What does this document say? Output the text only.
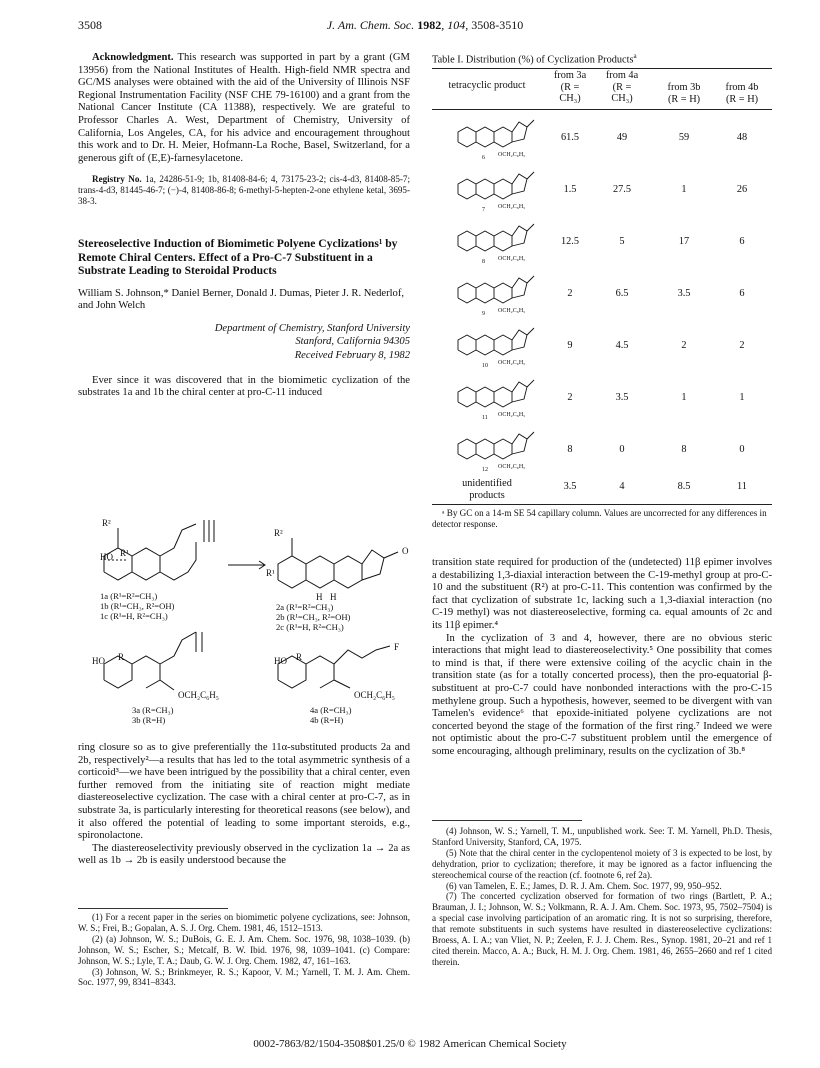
3508	J. Am. Chem. Soc. 1982, 104, 3508-3510

Acknowledgment. This research was supported in part by a grant (GM 13956) from the National Institutes of Health. High-field NMR spectra and GC/MS analyses were obtained with the aid of the University of Illinois NSF Regional Instrumentation Facility (NSF CHE 79-16100) and a grant from the National Cancer Institute (CA 11388), respectively. We are grateful to Professor Charles A. West, Department of Chemistry, University of California, Los Angeles, CA, for his advice and encouragement throughout this work and to Dr. H. Meier, Hofmann-La Roche, Basel, Switzerland, for a generous gift of (E,E)-farnesylacetone.

Registry No. 1a, 24286-51-9; 1b, 81408-84-6; 4, 73175-23-2; cis-4-d3, 81408-85-7; trans-4-d3, 81445-46-7; (−)-4, 81408-86-8; 6-methyl-5-hepten-2-one ethylene ketal, 3695-38-3.

Stereoselective Induction of Biomimetic Polyene Cyclizations¹ by Remote Chiral Centers. Effect of a Pro-C-7 Substituent in a Substrate Leading to Steroidal Products

William S. Johnson,* Daniel Berner, Donald J. Dumas, Pieter J. R. Nederlof, and John Welch

Department of Chemistry, Stanford University

Stanford, California 94305

Received February 8, 1982

Ever since it was discovered that in the biomimetic cyclization of the substrates 1a and 1b the chiral center at pro-C-11 induced

R²
HO R¹
R²
R¹
O
H H
HO R
OCH₂C₆H₅
HO R
OCH₂C₆H₅
F
1a (R¹=R²=CH₃)
1b (R¹=CH₃, R²=OH)
1c (R¹=H, R²=CH₃)
2a (R¹=R²=CH₃)
2b (R¹=CH₃, R²=OH)
2c (R¹=H, R²=CH₃)
3a (R=CH₃)
3b (R=H)
4a (R=CH₃)
4b (R=H)

ring closure so as to give preferentially the 11α-substituted products 2a and 2b, respectively²—a results that has led to the total asymmetric synthesis of a corticoid³—we have been intrigued by the possibility that a chiral center, even further removed from the initiating site of reaction might mediate diastereoselective cyclization. The case with a chiral center at pro-C-7, as in substrate 3a, is particularly interesting for theoretical reasons (see below), and it also offered the potential of leading to some important steroids, e.g., spironolactone.

The diastereoselectivity previously observed in the cyclization 1a → 2a as well as 1b → 2b is easily understood because the

(1) For a recent paper in the series on biomimetic polyene cyclizations, see: Johnson, W. S.; Frei, B.; Gopalan, A. S. J. Org. Chem. 1981, 46, 1512–1513.

(2) (a) Johnson, W. S.; DuBois, G. E. J. Am. Chem. Soc. 1976, 98, 1038–1039. (b) Johnson, W. S.; Escher, S.; Metcalf, B. W. Ibid. 1976, 98, 1039–1041. (c) Compare: Johnson, W. S.; Lyle, T. A.; Daub, G. W. J. Org. Chem. 1982, 47, 161–163.

(3) Johnson, W. S.; Brinkmeyer, R. S.; Kapoor, V. M.; Yarnell, T. M. J. Am. Chem. Soc. 1977, 99, 8341–8343.

Table I. Distribution (%) of Cyclization Products$^a$
tetracyclic product
from 3a
(R =
CH₃)
from 4a
(R =
CH₃)
from 3b
(R = H)
from 4b
(R = H)
OCH₂C₆H₅
6
61.5	49	59	48
OCH₂C₆H₅
7
1.5	27.5	1	26
OCH₂C₆H₅
8
12.5	5	17	6
OCH₂C₆H₅
9
2	6.5	3.5	6
OCH₂C₆H₅
10
9	4.5	2	2
OCH₂C₆H₅
11
2	3.5	1	1
OCH₂C₆H₅
12
8	0	8	0
unidentified
products
3.5	4	8.5	11

ᵃ By GC on a 14-m SE 54 capillary column. Values are uncorrected for any differences in detector response.

transition state required for production of the (undetected) 11β epimer involves a destabilizing 1,3-diaxial interaction between the C-19-methyl group at pro-C-10 and the substituent (R²) at pro-C-11. This contention was confirmed by the fact that cyclization of substrate 1c, lacking such a 1,3-diaxial interaction (no C-19 methyl) was not diastereoselective, forming ca. equal amounts of 2c and its 11β epimer.⁴

In the cyclization of 3 and 4, however, there are no obvious steric interactions that might lead to diastereoselectivity.⁵ One possibility that comes to mind is that, if there were extensive coiling of the acyclic chain in the transition state (as for a totally concerted process), then the pro-equatorial β-substituent at pro-C-7 could have nonbonded interactions with the pro-C-15 methylene group. Such a hypothesis, however, seemed to be divergent with van Tamelen's evidence⁶ that epoxide-initiated polyene cyclizations are not concerted beyond the stage of the formation of the first ring.⁷ Indeed we were not optimistic about the pro-C-7 substituent problem until the emergence of some encouraging, although preliminary, results on the cyclization of 3b.⁸

(4) Johnson, W. S.; Yarnell, T. M., unpublished work. See: T. M. Yarnell, Ph.D. Thesis, Stanford University, Stanford, CA, 1975.

(5) Note that the chiral center in the cyclopentenol moiety of 3 is expected to be lost, by dehydration, prior to cyclization; therefore, it may be ignored as a factor influencing the stereochemical course of the reaction (cf. footnote 6, ref 2a).

(6) van Tamelen, E. E.; James, D. R. J. Am. Chem. Soc. 1977, 99, 950–952.

(7) The concerted cyclization observed for formation of two rings (Bartlett, P. A.; Brauman, J. I.; Johnson, W. S.; Volkmann, R. A. J. Am. Chem. Soc. 1973, 95, 7502–7504) is a special case involving participation of an aromatic ring. It is not so surprising, therefore, that remote substituents in such systems have resulted in diastereoselective cyclizations: Broess, A. I. A.; van Vliet, N. P.; Zeelen, F. J. J. Chem. Res., Synop. 1981, 20–21 and ref 1 cited therein. Macco, A. A.; Buck, H. M. J. Org. Chem. 1981, 46, 2655–2660 and ref 1 cited therein.

0002-7863/82/1504-3508$01.25/0 © 1982 American Chemical Society
